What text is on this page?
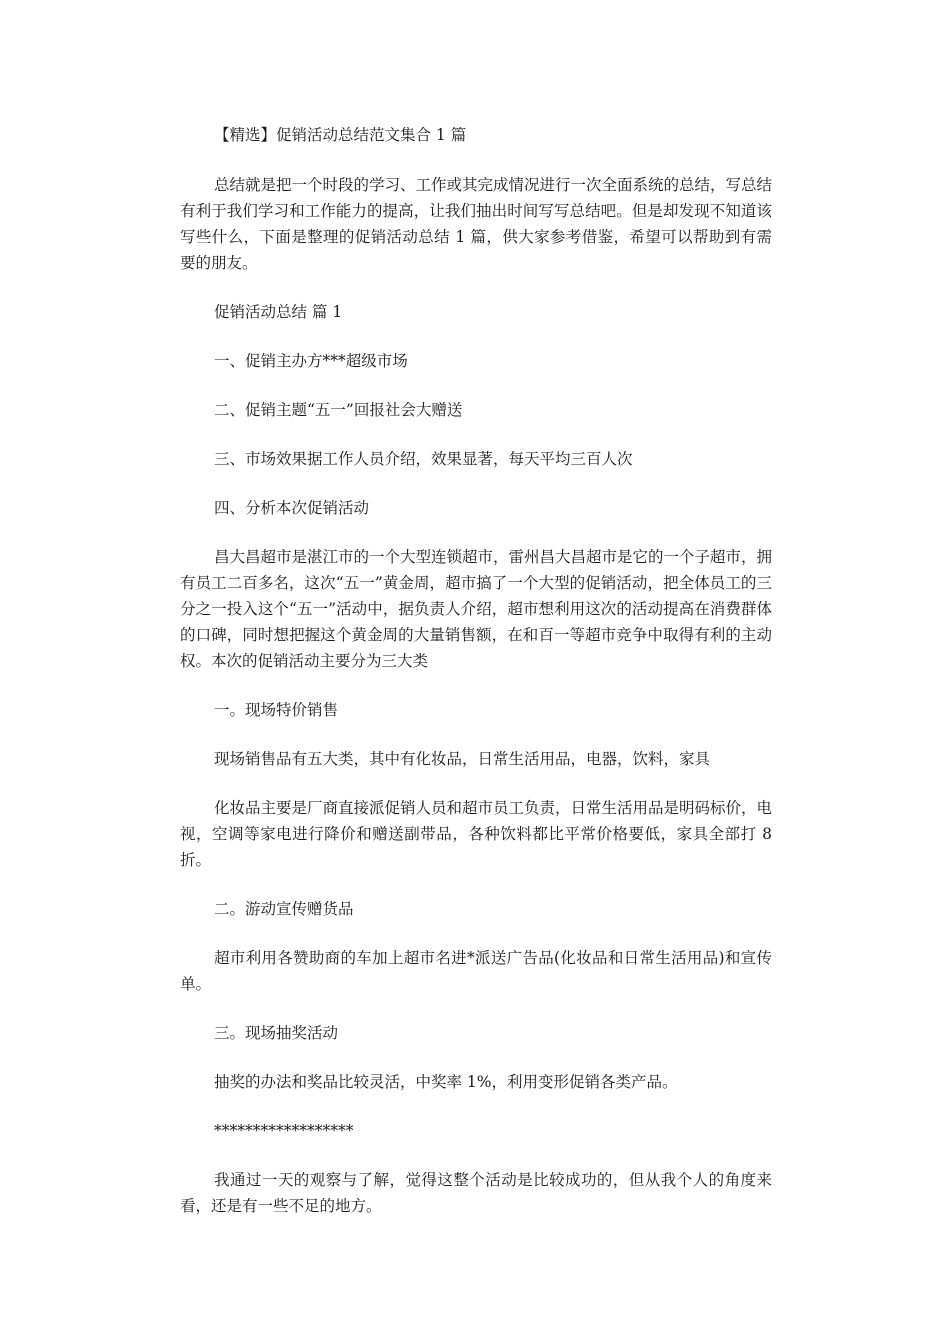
【精选】促销活动总结范文集合 1 篇

总结就是把一个时段的学习、工作或其完成情况进行一次全面系统的总结，写总结有利于我们学习和工作能力的提高，让我们抽出时间写写总结吧。但是却发现不知道该写些什么，下面是整理的促销活动总结 1 篇，供大家参考借鉴，希望可以帮助到有需要的朋友。

促销活动总结 篇 1

一、促销主办方***超级市场

二、促销主题“五一”回报社会大赠送

三、市场效果据工作人员介绍，效果显著，每天平均三百人次

四、分析本次促销活动

昌大昌超市是湛江市的一个大型连锁超市，雷州昌大昌超市是它的一个子超市，拥有员工二百多名，这次“五一”黄金周，超市搞了一个大型的促销活动，把全体员工的三分之一投入这个“五一”活动中，据负责人介绍，超市想利用这次的活动提高在消费群体的口碑，同时想把握这个黄金周的大量销售额，在和百一等超市竞争中取得有利的主动权。本次的促销活动主要分为三大类

一。现场特价销售

现场销售品有五大类，其中有化妆品，日常生活用品，电器，饮料，家具

化妆品主要是厂商直接派促销人员和超市员工负责，日常生活用品是明码标价，电视，空调等家电进行降价和赠送副带品，各种饮料都比平常价格要低，家具全部打 8 折。

二。游动宣传赠货品

超市利用各赞助商的车加上超市名进*派送广告品(化妆品和日常生活用品)和宣传单。

三。现场抽奖活动

抽奖的办法和奖品比较灵活，中奖率 1%，利用变形促销各类产品。

******************

我通过一天的观察与了解，觉得这整个活动是比较成功的，但从我个人的角度来看，还是有一些不足的地方。
